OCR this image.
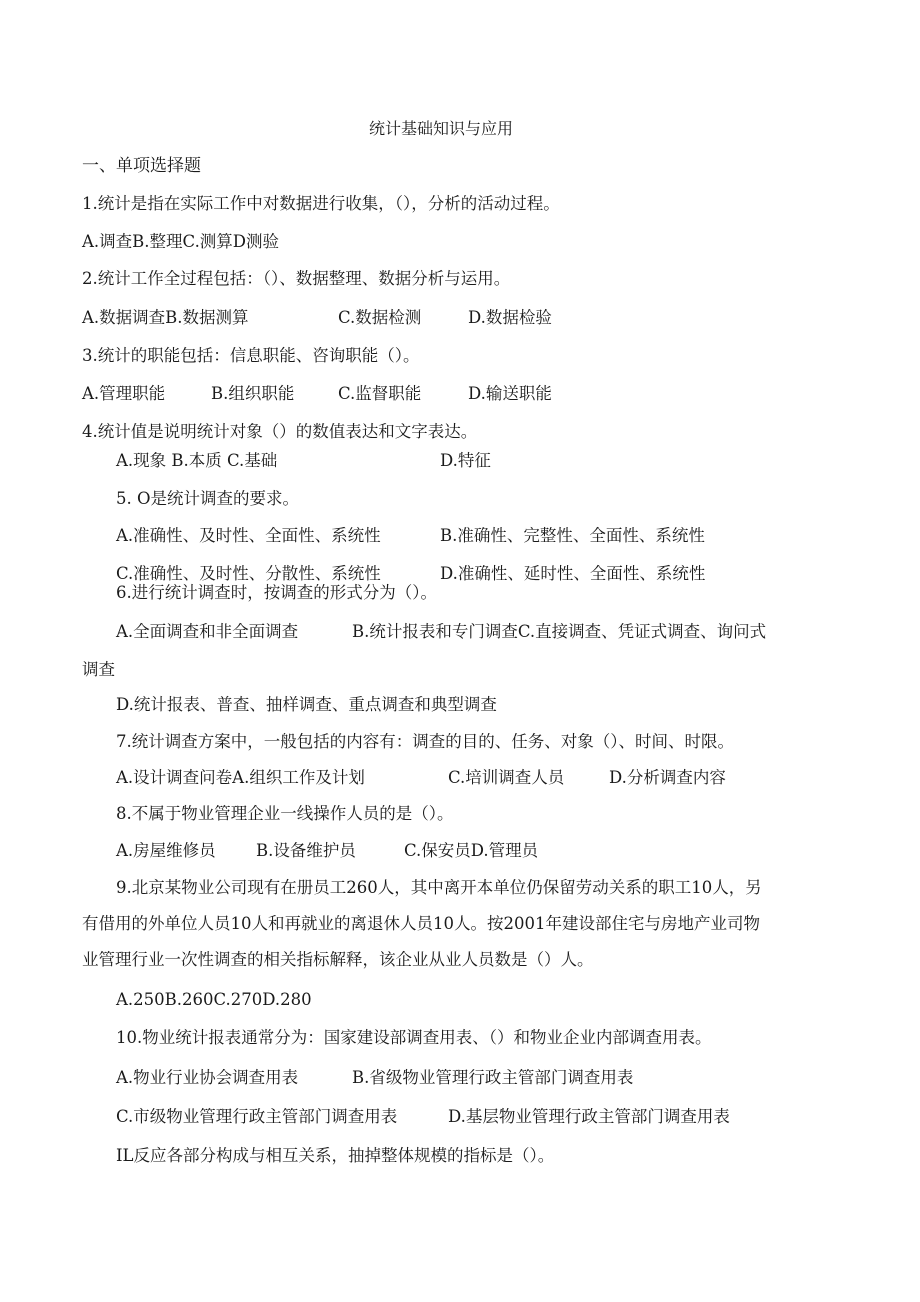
统计基础知识与应用
一、单项选择题
1.统计是指在实际工作中对数据进行收集，（），分析的活动过程。
A.调查B.整理C.测算D测验
2.统计工作全过程包括：（）、数据整理、数据分析与运用。
A.数据调查B.数据测算	C.数据检测	D.数据检验
3.统计的职能包括：信息职能、咨询职能（）。
A.管理职能	B.组织职能	C.监督职能	D.输送职能
4.统计值是说明统计对象（）的数值表达和文字表达。
A.现象 B.本质 C.基础	D.特征
5. O是统计调查的要求。
A.准确性、及时性、全面性、系统性	B.准确性、完整性、全面性、系统性
C.准确性、及时性、分散性、系统性	D.准确性、延时性、全面性、系统性
6.进行统计调查时，按调查的形式分为（）。
A.全面调查和非全面调查	B.统计报表和专门调查C.直接调查、凭证式调查、询问式
调查
D.统计报表、普查、抽样调查、重点调查和典型调查
7.统计调查方案中，一般包括的内容有：调查的目的、任务、对象（）、时间、时限。
A.设计调查问卷A.组织工作及计划	C.培训调查人员	D.分析调查内容
8.不属于物业管理企业一线操作人员的是（）。
A.房屋维修员 B.设备维护员	C.保安员D.管理员
9.北京某物业公司现有在册员工260人，其中离开本单位仍保留劳动关系的职工10人，另
有借用的外单位人员10人和再就业的离退休人员10人。按2001年建设部住宅与房地产业司物
业管理行业一次性调查的相关指标解释，该企业从业人员数是（）人。
A.250B.260C.270D.280
10.物业统计报表通常分为：国家建设部调查用表、（）和物业企业内部调查用表。
A.物业行业协会调查用表	B.省级物业管理行政主管部门调查用表
C.市级物业管理行政主管部门调查用表	D.基层物业管理行政主管部门调查用表
IL反应各部分构成与相互关系，抽掉整体规模的指标是（）。
